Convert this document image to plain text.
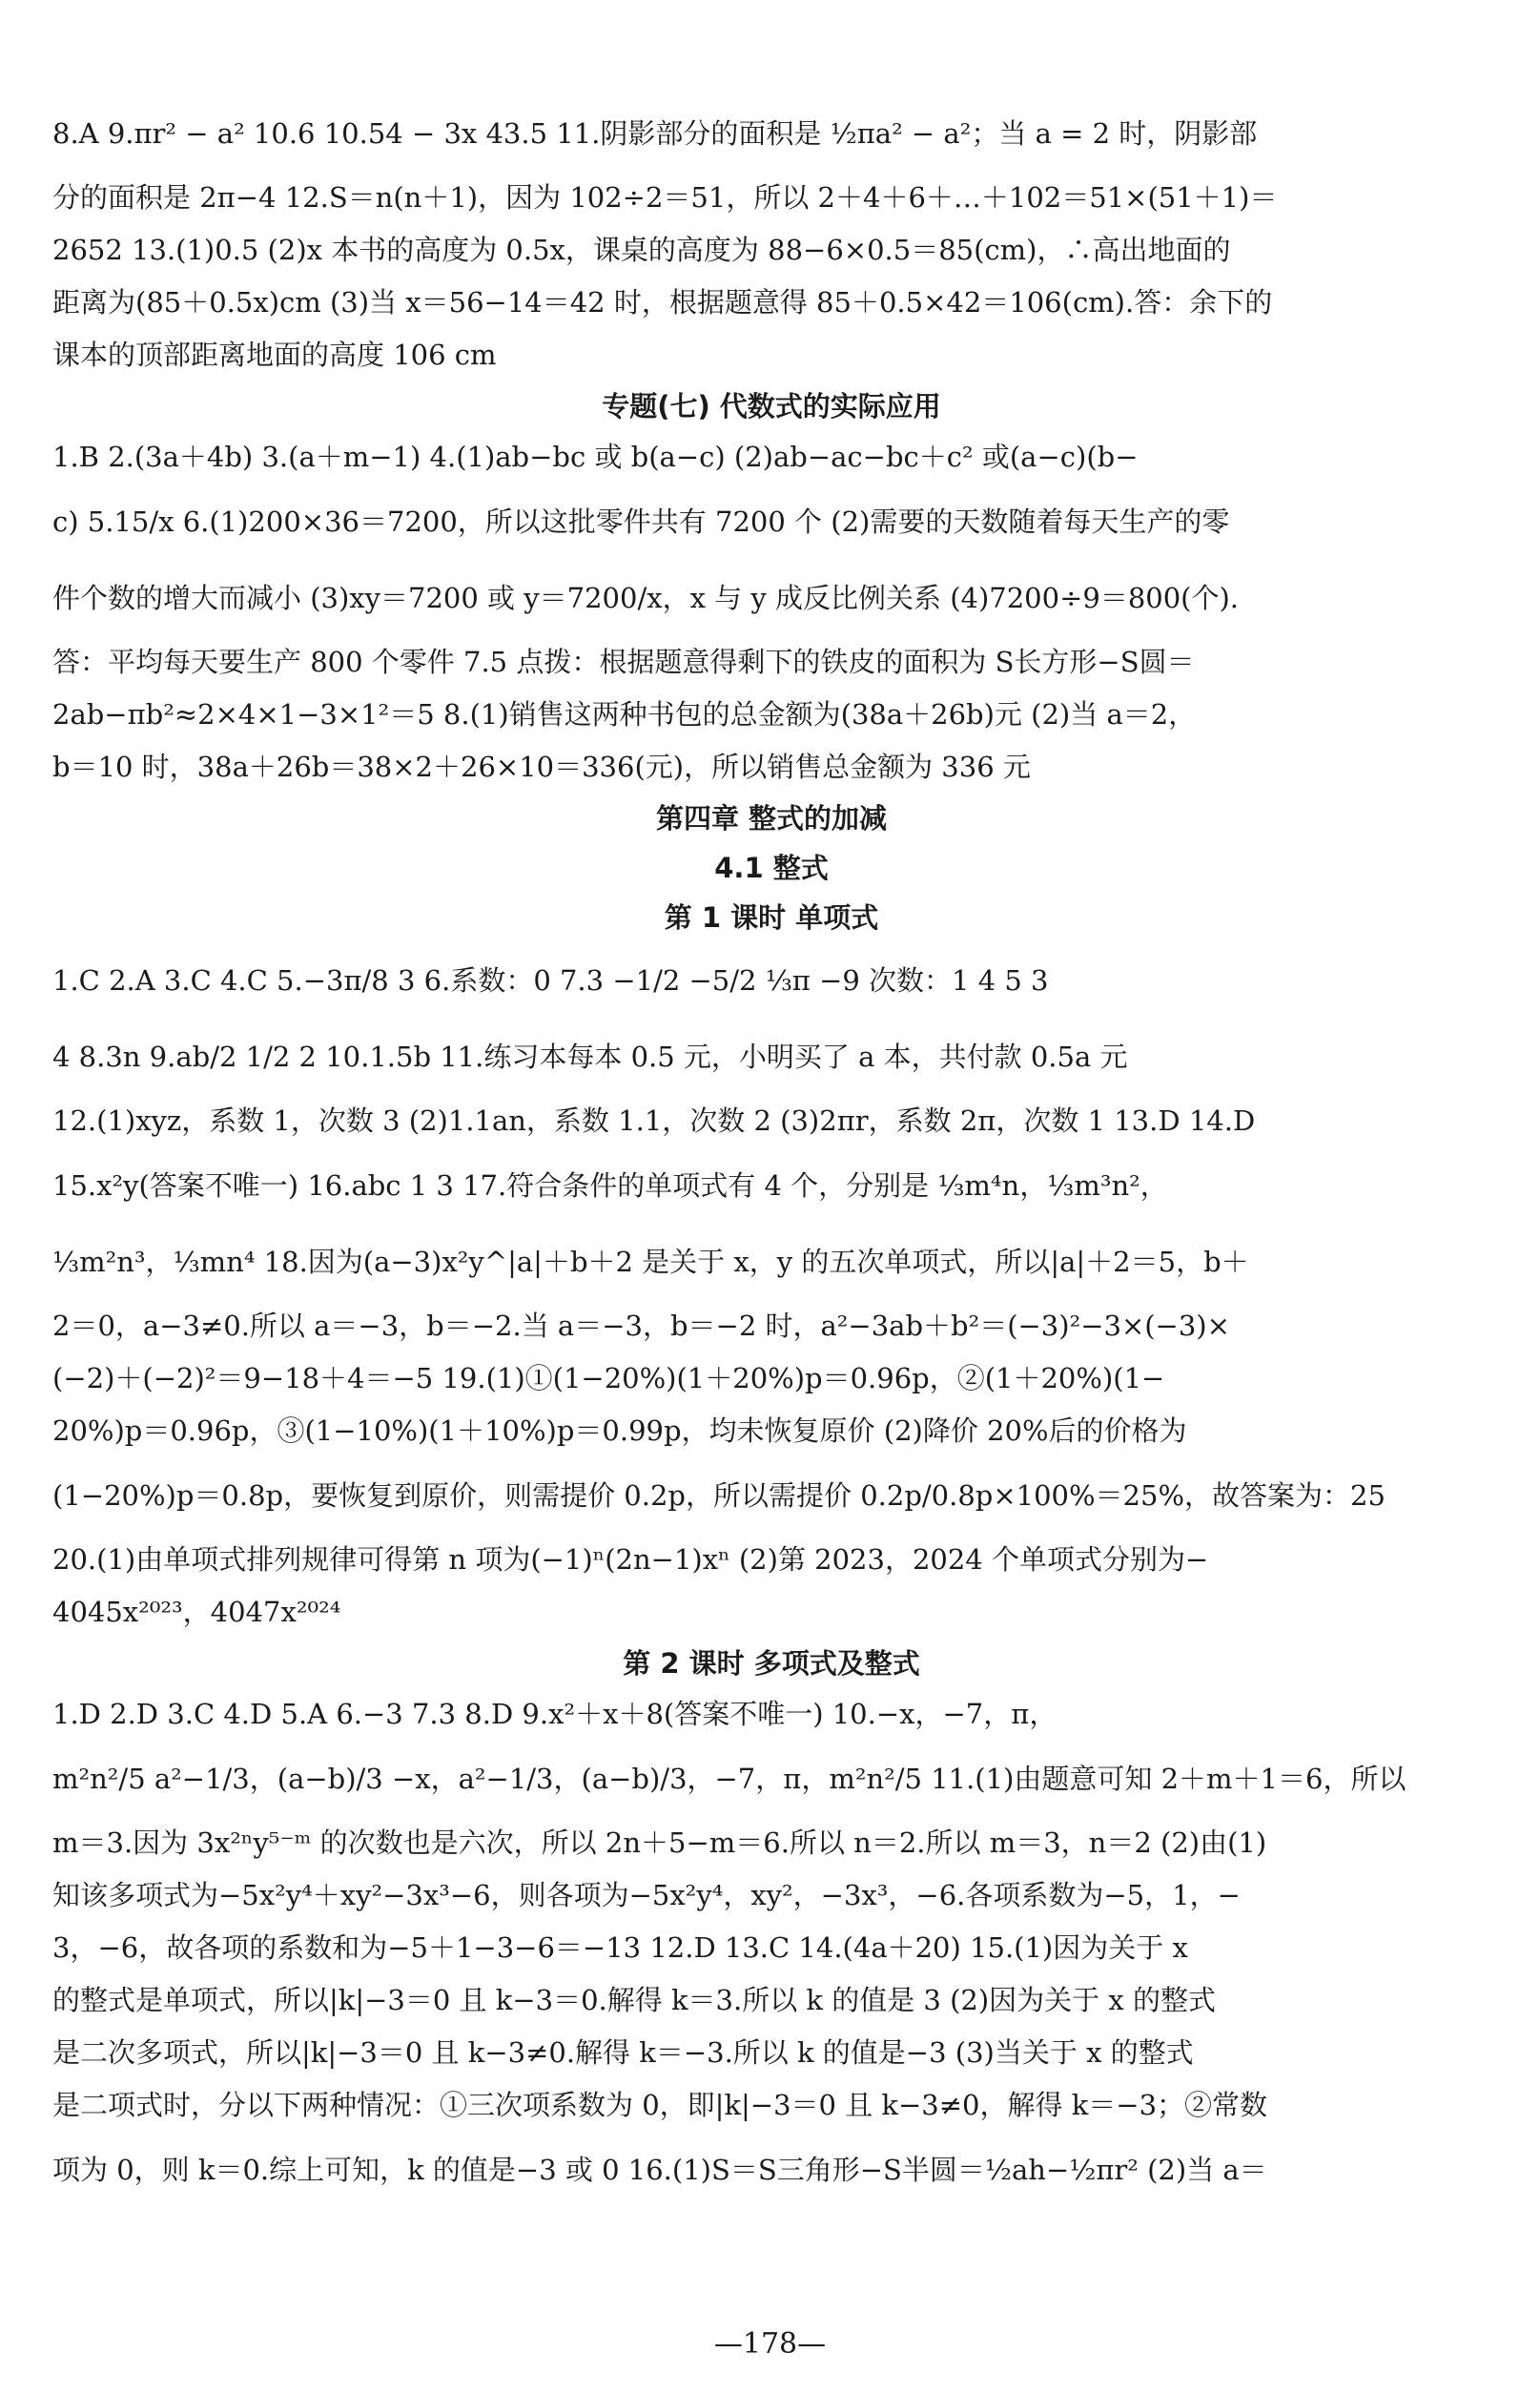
8.A 9.πr² − a² 10.6 10.54 − 3x 43.5 11.阴影部分的面积是 ½πa² − a²；当 a = 2 时，阴影部
分的面积是 2π−4 12.S＝n(n＋1)，因为 102÷2＝51，所以 2＋4＋6＋…＋102＝51×(51＋1)＝
2652 13.(1)0.5 (2)x 本书的高度为 0.5x，课桌的高度为 88−6×0.5＝85(cm)，∴高出地面的
距离为(85＋0.5x)cm (3)当 x＝56−14＝42 时，根据题意得 85＋0.5×42＝106(cm).答：余下的
课本的顶部距离地面的高度 106 cm
专题(七) 代数式的实际应用
1.B 2.(3a＋4b) 3.(a＋m−1) 4.(1)ab−bc 或 b(a−c) (2)ab−ac−bc＋c² 或(a−c)(b−
c) 5.15/x 6.(1)200×36＝7200，所以这批零件共有 7200 个 (2)需要的天数随着每天生产的零
件个数的增大而减小 (3)xy＝7200 或 y＝7200/x，x 与 y 成反比例关系 (4)7200÷9＝800(个).
答：平均每天要生产 800 个零件 7.5 点拨：根据题意得剩下的铁皮的面积为 S长方形−S圆＝
2ab−πb²≈2×4×1−3×1²＝5 8.(1)销售这两种书包的总金额为(38a＋26b)元 (2)当 a＝2，
b＝10 时，38a＋26b＝38×2＋26×10＝336(元)，所以销售总金额为 336 元
第四章 整式的加减
4.1 整式
第 1 课时 单项式
1.C 2.A 3.C 4.C 5.−3π/8 3 6.系数：0 7.3 −1/2 −5/2 ⅓π −9 次数：1 4 5 3
4 8.3n 9.ab/2 1/2 2 10.1.5b 11.练习本每本 0.5 元，小明买了 a 本，共付款 0.5a 元
12.(1)xyz，系数 1，次数 3 (2)1.1an，系数 1.1，次数 2 (3)2πr，系数 2π，次数 1 13.D 14.D
15.x²y(答案不唯一) 16.abc 1 3 17.符合条件的单项式有 4 个，分别是 ⅓m⁴n，⅓m³n²，
⅓m²n³，⅓mn⁴ 18.因为(a−3)x²y^|a|＋b＋2 是关于 x，y 的五次单项式，所以|a|＋2＝5，b＋
2＝0，a−3≠0.所以 a＝−3，b＝−2.当 a＝−3，b＝−2 时，a²−3ab＋b²＝(−3)²−3×(−3)×
(−2)＋(−2)²＝9−18＋4＝−5 19.(1)①(1−20%)(1＋20%)p＝0.96p，②(1＋20%)(1−
20%)p＝0.96p，③(1−10%)(1＋10%)p＝0.99p，均未恢复原价 (2)降价 20%后的价格为
(1−20%)p＝0.8p，要恢复到原价，则需提价 0.2p，所以需提价 0.2p/0.8p×100%＝25%，故答案为：25
20.(1)由单项式排列规律可得第 n 项为(−1)ⁿ(2n−1)xⁿ (2)第 2023，2024 个单项式分别为−
4045x²⁰²³，4047x²⁰²⁴
第 2 课时 多项式及整式
1.D 2.D 3.C 4.D 5.A 6.−3 7.3 8.D 9.x²＋x＋8(答案不唯一) 10.−x，−7，π，
m²n²/5 a²−1/3，(a−b)/3 −x，a²−1/3，(a−b)/3，−7，π，m²n²/5 11.(1)由题意可知 2＋m＋1＝6，所以
m＝3.因为 3x²ⁿy⁵⁻ᵐ 的次数也是六次，所以 2n＋5−m＝6.所以 n＝2.所以 m＝3，n＝2 (2)由(1)
知该多项式为−5x²y⁴＋xy²−3x³−6，则各项为−5x²y⁴，xy²，−3x³，−6.各项系数为−5，1，−
3，−6，故各项的系数和为−5＋1−3−6＝−13 12.D 13.C 14.(4a＋20) 15.(1)因为关于 x
的整式是单项式，所以|k|−3＝0 且 k−3＝0.解得 k＝3.所以 k 的值是 3 (2)因为关于 x 的整式
是二次多项式，所以|k|−3＝0 且 k−3≠0.解得 k＝−3.所以 k 的值是−3 (3)当关于 x 的整式
是二项式时，分以下两种情况：①三次项系数为 0，即|k|−3＝0 且 k−3≠0，解得 k＝−3；②常数
项为 0，则 k＝0.综上可知，k 的值是−3 或 0 16.(1)S＝S三角形−S半圆＝½ah−½πr² (2)当 a＝
—178—
